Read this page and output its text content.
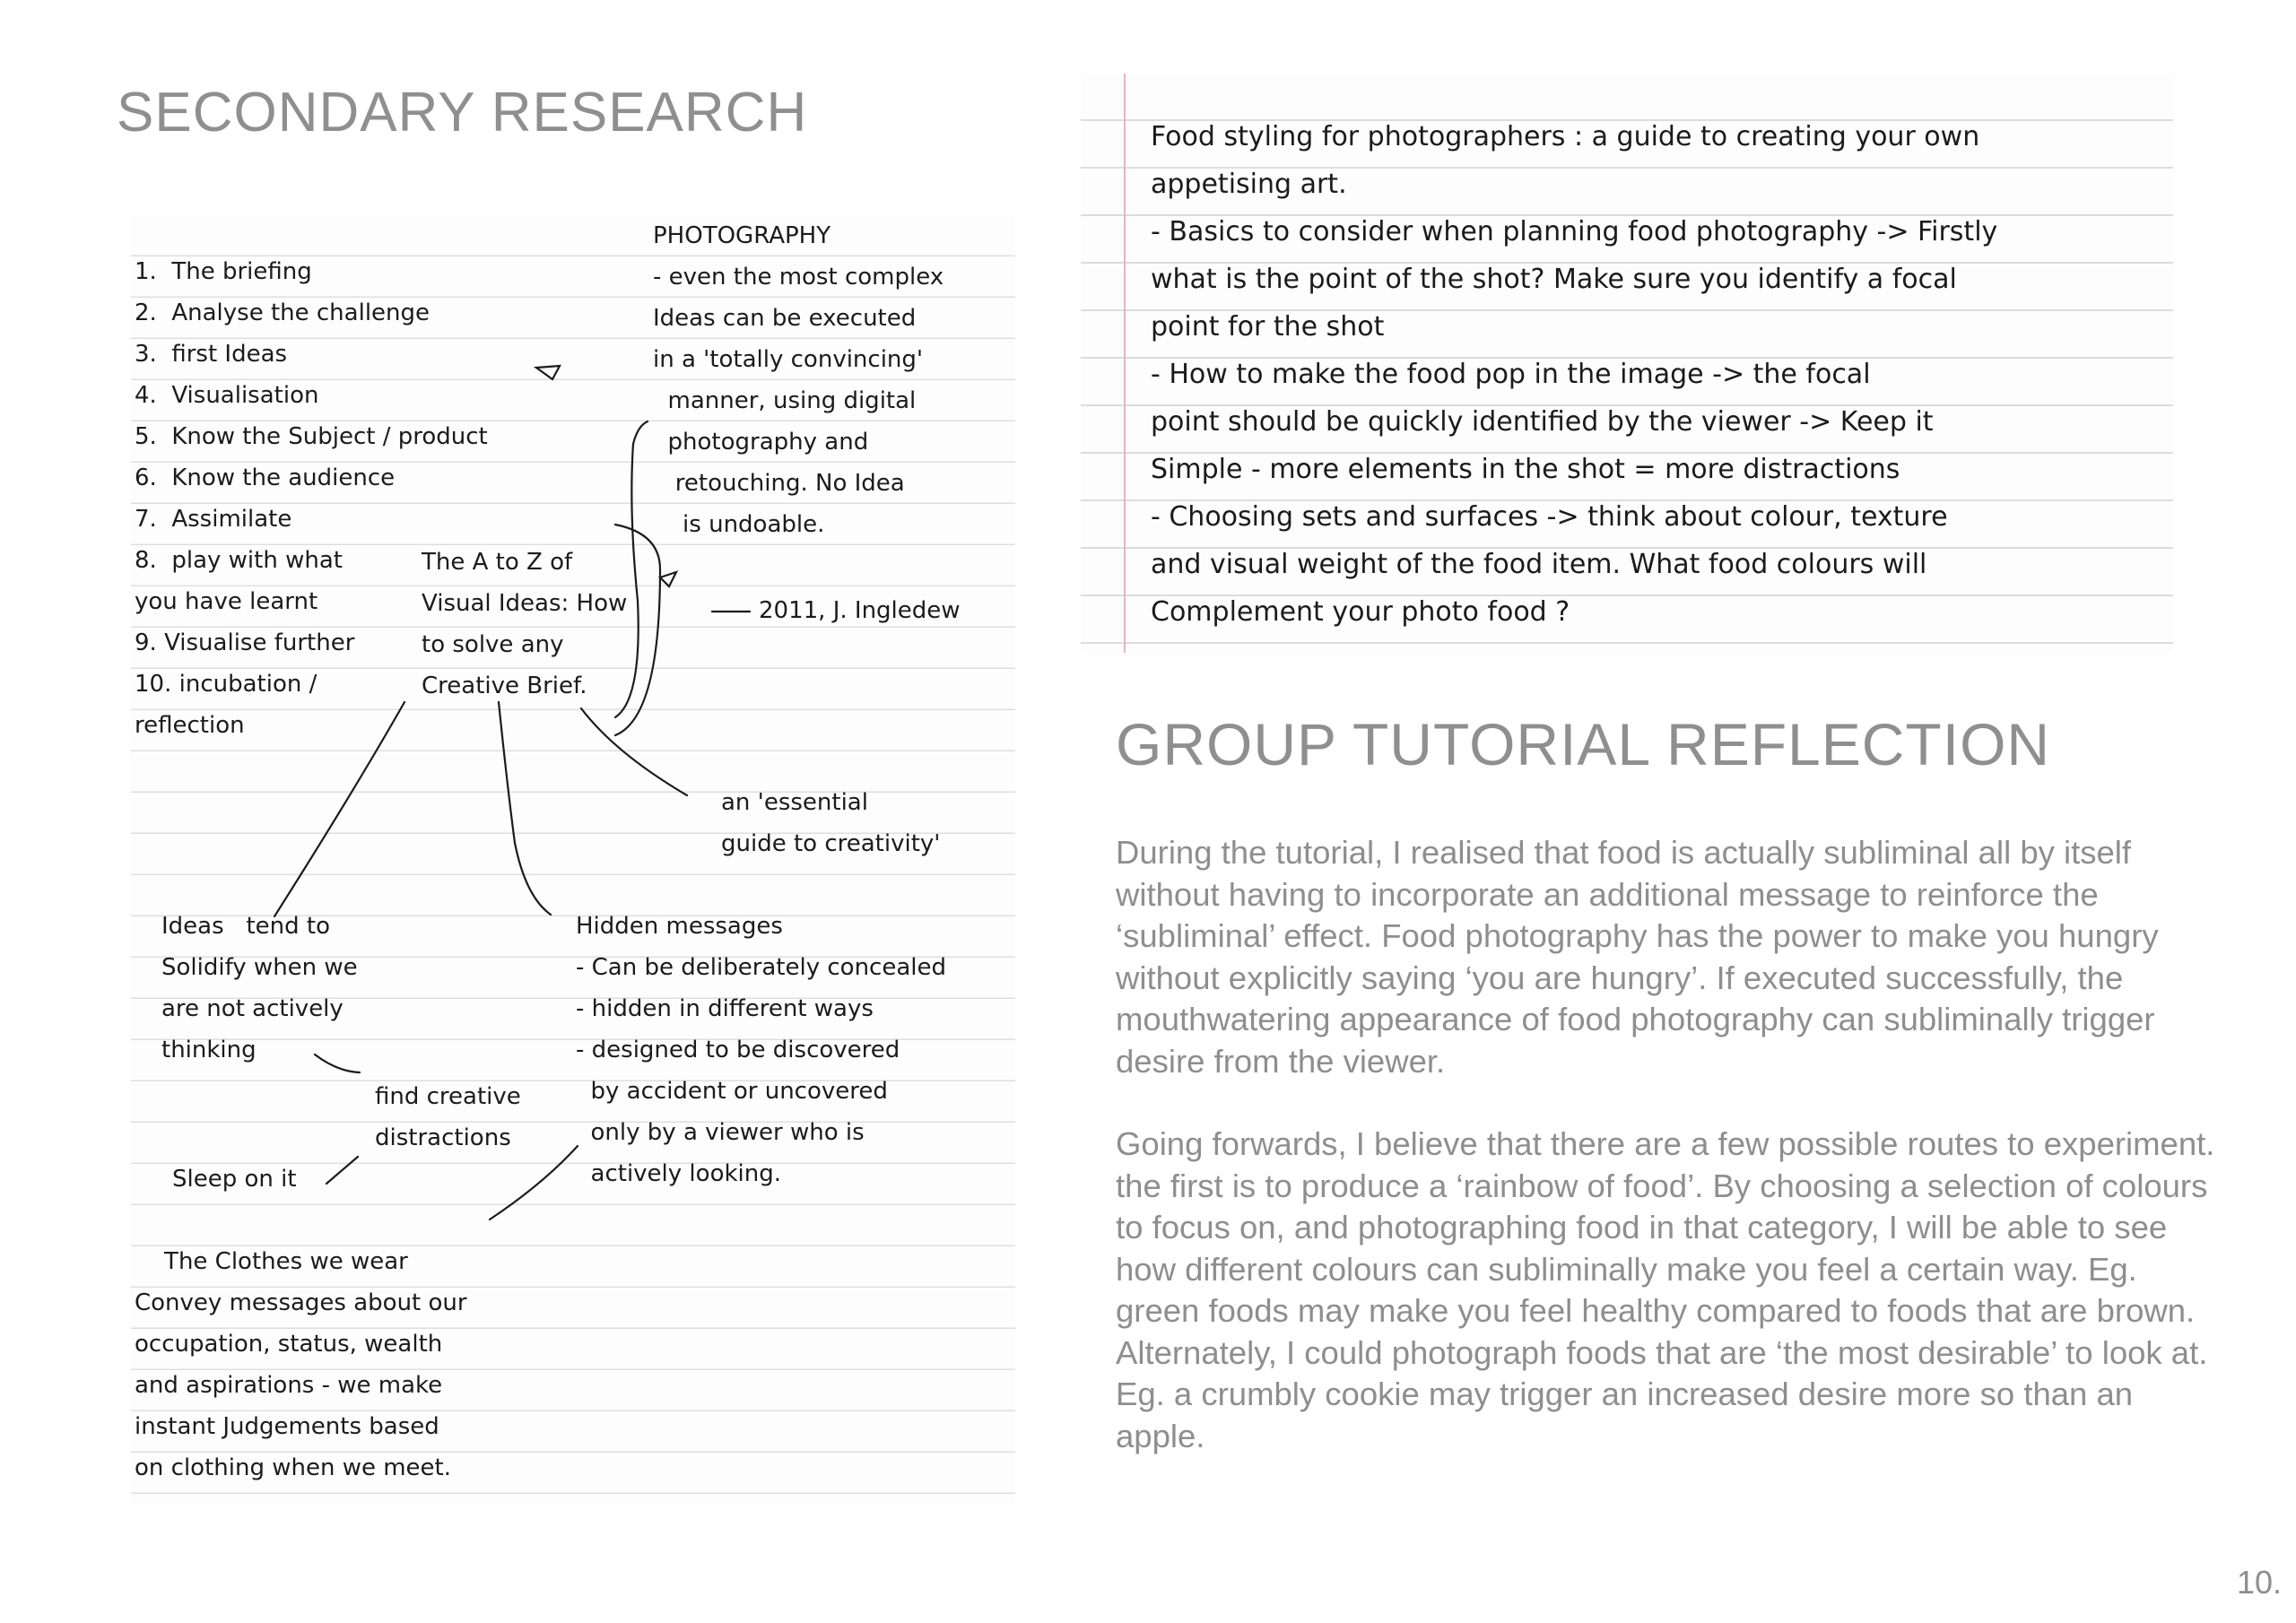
SECONDARY RESEARCH

1.  The briefing
2.  Analyse the challenge
3.  first Ideas
4.  Visualisation
5.  Know the Subject / product
6.  Know the audience
7.  Assimilate
8.  play with what
you have learnt
9. Visualise further
10. incubation /
reflection

PHOTOGRAPHY
- even the most complex
Ideas can be executed
in a 'totally convincing'
manner, using digital
photography and
retouching. No Idea
is undoable.

The A to Z of
Visual Ideas: How
to solve any
Creative Brief.

2011, J. Ingledew

an 'essential
guide to creativity'

Ideas   tend to
Solidify when we
are not actively
thinking

find creative
distractions

Sleep on it

Hidden messages
- Can be deliberately concealed
- hidden in different ways
- designed to be discovered
by accident or uncovered
only by a viewer who is
actively looking.

The Clothes we wear
Convey messages about our
occupation, status, wealth
and aspirations - we make
instant Judgements based
on clothing when we meet.

Food styling for photographers : a guide to creating your own
appetising art.
- Basics to consider when planning food photography -> Firstly
what is the point of the shot? Make sure you identify a focal
point for the shot
- How to make the food pop in the image -> the focal
point should be quickly identified by the viewer -> Keep it
Simple - more elements in the shot = more distractions
- Choosing sets and surfaces -> think about colour, texture
and visual weight of the food item. What food colours will
Complement your photo food ?

GROUP TUTORIAL REFLECTION

During the tutorial, I realised that food is actually subliminal all by itself without having to incorporate an additional message to reinforce the ‘subliminal’ effect. Food photography has the power to make you hungry without explicitly saying ‘you are hungry’. If executed successfully, the mouthwatering appearance of food photography can subliminally trigger desire from the viewer.

Going forwards, I believe that there are a few possible routes to experiment. the first is to produce a ‘rainbow of food’. By choosing a selection of colours to focus on, and photographing food in that category, I will be able to see how different colours can subliminally make you feel a certain way. Eg. green foods may make you feel healthy compared to foods that are brown.
Alternately, I could photograph foods that are ‘the most desirable’ to look at. Eg. a crumbly cookie may trigger an increased desire more so than an apple.

10.
